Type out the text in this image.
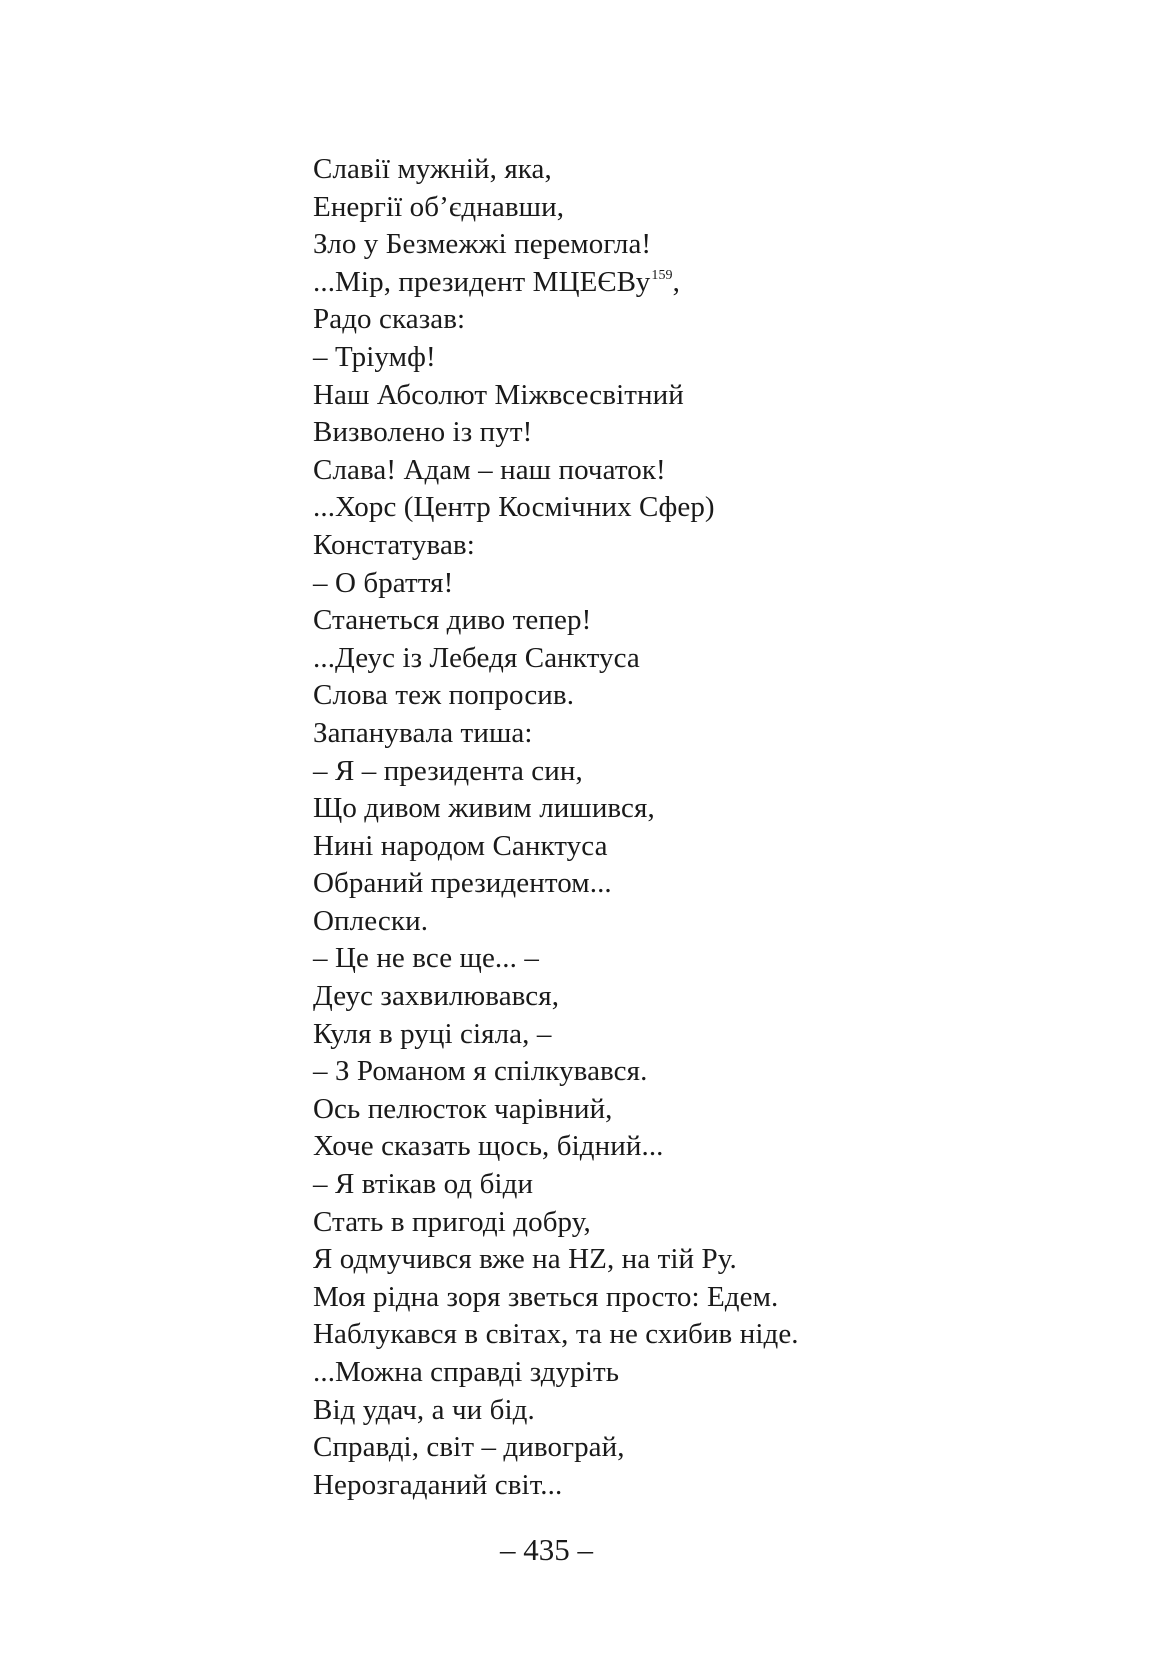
Славії мужній, яка,
Енергії об’єднавши,
Зло у Безмежжі перемогла!
...Мір, президент МЦЕЄВу$^{159}$,
Радо сказав:
– Тріумф!
Наш Абсолют Міжвсесвітний
Визволено із пут!
Слава! Адам – наш початок!
...Хорс (Центр Космічних Сфер)
Констатував:
– О браття!
Станеться диво тепер!
...Деус із Лебедя Санктуса
Слова теж попросив.
Запанувала тиша:
– Я – президента син,
Що дивом живим лишився,
Нині народом Санктуса
Обраний президентом...
Оплески.
– Це не все ще... –
Деус захвилювався,
Куля в руці сіяла, –
– З Романом я спілкувався.
Ось пелюсток чарівний,
Хоче сказать щось, бідний...
– Я втікав од біди
Стать в пригоді добру,
Я одмучився вже на HZ, на тій Ру.
Моя рідна зоря зветься просто: Едем.
Наблукався в світах, та не схибив ніде.
...Можна справді здуріть
Від удач, а чи бід.
Справді, світ – дивограй,
Нерозгаданий світ...
– 435 –
